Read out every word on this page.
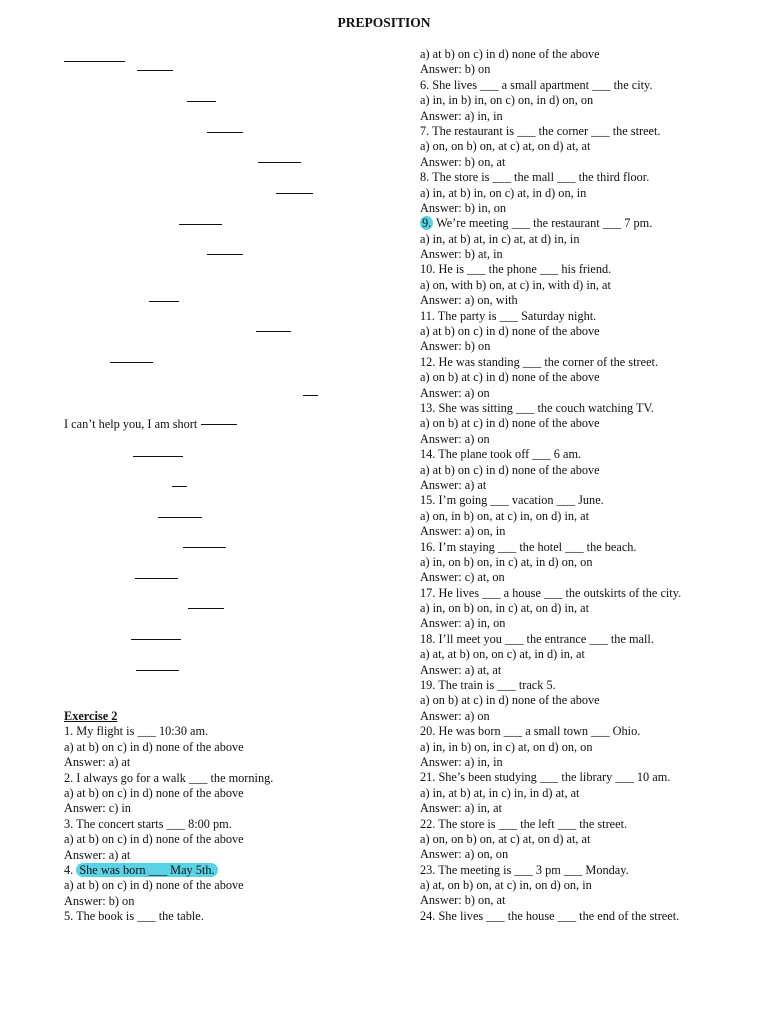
PREPOSITION
I can’t help you, I am short
Exercise 2
1. My flight is ___ 10:30 am.
a) at b) on c) in d) none of the above
Answer: a) at
2. I always go for a walk ___ the morning.
a) at b) on c) in d) none of the above
Answer: c) in
3. The concert starts ___ 8:00 pm.
a) at b) on c) in d) none of the above
Answer: a) at
4. She was born ___ May 5th.
a) at b) on c) in d) none of the above
Answer: b) on
5. The book is ___ the table.
a) at b) on c) in d) none of the above
Answer: b) on
6. She lives ___ a small apartment ___ the city.
a) in, in b) in, on c) on, in d) on, on
Answer: a) in, in
7. The restaurant is ___ the corner ___ the street.
a) on, on b) on, at c) at, on d) at, at
Answer: b) on, at
8. The store is ___ the mall ___ the third floor.
a) in, at b) in, on c) at, in d) on, in
Answer: b) in, on
9. We’re meeting ___ the restaurant ___ 7 pm.
a) in, at b) at, in c) at, at d) in, in
Answer: b) at, in
10. He is ___ the phone ___ his friend.
a) on, with b) on, at c) in, with d) in, at
Answer: a) on, with
11. The party is ___ Saturday night.
a) at b) on c) in d) none of the above
Answer: b) on
12. He was standing ___ the corner of the street.
a) on b) at c) in d) none of the above
Answer: a) on
13. She was sitting ___ the couch watching TV.
a) on b) at c) in d) none of the above
Answer: a) on
14. The plane took off ___ 6 am.
a) at b) on c) in d) none of the above
Answer: a) at
15. I’m going ___ vacation ___ June.
a) on, in b) on, at c) in, on d) in, at
Answer: a) on, in
16. I’m staying ___ the hotel ___ the beach.
a) in, on b) on, in c) at, in d) on, on
Answer: c) at, on
17. He lives ___ a house ___ the outskirts of the city.
a) in, on b) on, in c) at, on d) in, at
Answer: a) in, on
18. I’ll meet you ___ the entrance ___ the mall.
a) at, at b) on, on c) at, in d) in, at
Answer: a) at, at
19. The train is ___ track 5.
a) on b) at c) in d) none of the above
Answer: a) on
20. He was born ___ a small town ___ Ohio.
a) in, in b) on, in c) at, on d) on, on
Answer: a) in, in
21. She’s been studying ___ the library ___ 10 am.
a) in, at b) at, in c) in, in d) at, at
Answer: a) in, at
22. The store is ___ the left ___ the street.
a) on, on b) on, at c) at, on d) at, at
Answer: a) on, on
23. The meeting is ___ 3 pm ___ Monday.
a) at, on b) on, at c) in, on d) on, in
Answer: b) on, at
24. She lives ___ the house ___ the end of the street.
